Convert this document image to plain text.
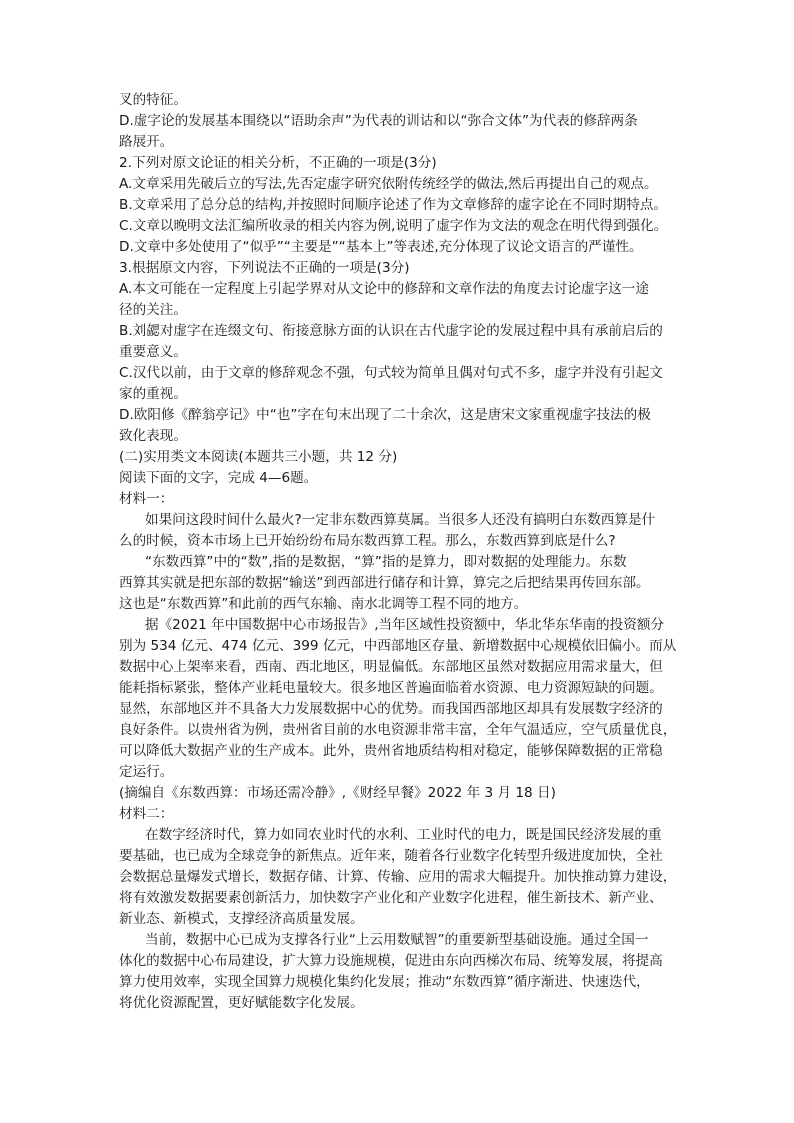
叉的特征。

D.虚字论的发展基本围绕以“语助余声”为代表的训诂和以“弥合文体”为代表的修辞两条

路展开。

2.下列对原文论证的相关分析，不正确的一项是(3分)

A.文章采用先破后立的写法,先否定虚字研究依附传统经学的做法,然后再提出自己的观点。

B.文章采用了总分总的结构,并按照时间顺序论述了作为文章修辞的虚字论在不同时期特点。

C.文章以晚明文法汇编所收录的相关内容为例,说明了虚字作为文法的观念在明代得到强化。

D.文章中多处使用了“似乎”“主要是”“基本上”等表述,充分体现了议论文语言的严谨性。

3.根据原文内容，下列说法不正确的一项是(3分)

A.本文可能在一定程度上引起学界对从文论中的修辞和文章作法的角度去讨论虚字这一途

径的关注。

B.刘勰对虚字在连缀文句、衔接意脉方面的认识在古代虚字论的发展过程中具有承前启后的

重要意义。

C.汉代以前，由于文章的修辞观念不强，句式较为简单且偶对句式不多，虚字并没有引起文

家的重视。

D.欧阳修《醉翁亭记》中“也”字在句末出现了二十余次，这是唐宋文家重视虚字技法的极

致化表现。

(二)实用类文本阅读(本题共三小题，共 12 分)

阅读下面的文字，完成 4—6题。

材料一：

如果问这段时间什么最火?一定非东数西算莫属。当很多人还没有搞明白东数西算是什

么的时候，资本市场上已开始纷纷布局东数西算工程。那么，东数西算到底是什么?

“东数西算”中的“数”,指的是数据，“算”指的是算力，即对数据的处理能力。东数

西算其实就是把东部的数据“输送”到西部进行储存和计算，算完之后把结果再传回东部。

这也是“东数西算”和此前的西气东输、南水北调等工程不同的地方。

据《2021 年中国数据中心市场报告》,当年区域性投资额中，华北华东华南的投资额分

别为 534 亿元、474 亿元、399 亿元，中西部地区存量、新增数据中心规模依旧偏小。而从

数据中心上架率来看，西南、西北地区，明显偏低。东部地区虽然对数据应用需求量大，但

能耗指标紧张，整体产业耗电量较大。很多地区普遍面临着水资源、电力资源短缺的问题。

显然，东部地区并不具备大力发展数据中心的优势。而我国西部地区却具有发展数字经济的

良好条件。以贵州省为例，贵州省目前的水电资源非常丰富，全年气温适应，空气质量优良，

可以降低大数据产业的生产成本。此外，贵州省地质结构相对稳定，能够保障数据的正常稳

定运行。

(摘编自《东数西算：市场还需冷静》,《财经早餐》2022 年 3 月 18 日)

材料二：

在数字经济时代，算力如同农业时代的水利、工业时代的电力，既是国民经济发展的重

要基础，也已成为全球竞争的新焦点。近年来，随着各行业数字化转型升级进度加快，全社

会数据总量爆发式增长，数据存储、计算、传输、应用的需求大幅提升。加快推动算力建设，

将有效激发数据要素创新活力，加快数字产业化和产业数字化进程，催生新技术、新产业、

新业态、新模式，支撑经济高质量发展。

当前，数据中心已成为支撑各行业“上云用数赋智”的重要新型基础设施。通过全国一

体化的数据中心布局建设，扩大算力设施规模，促进由东向西梯次布局、统筹发展，将提高

算力使用效率，实现全国算力规模化集约化发展；推动“东数西算”循序渐进、快速迭代，

将优化资源配置，更好赋能数字化发展。
